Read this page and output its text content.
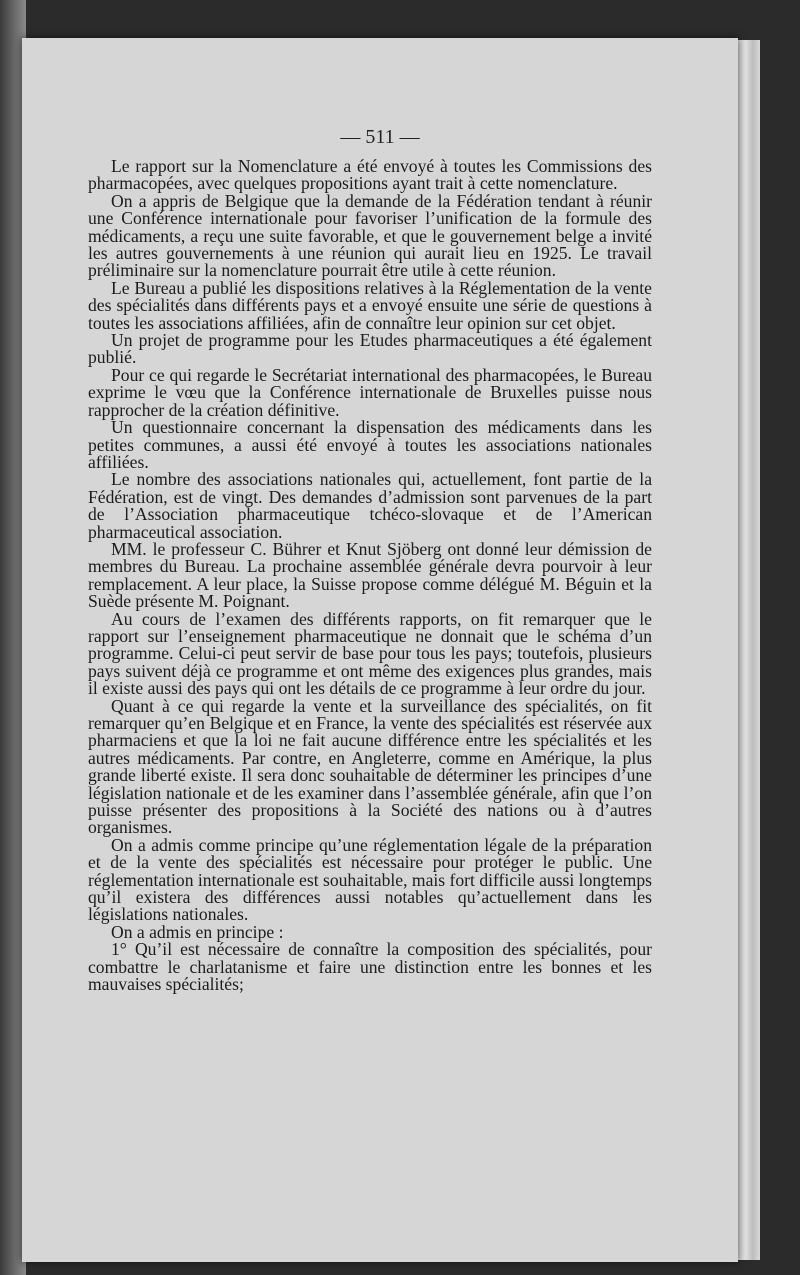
— 511 —

Le rapport sur la Nomenclature a été envoyé à toutes les Commissions des pharmacopées, avec quelques propositions ayant trait à cette nomenclature.

On a appris de Belgique que la demande de la Fédération tendant à réunir une Conférence internationale pour favoriser l’unification de la formule des médicaments, a reçu une suite favorable, et que le gouvernement belge a invité les autres gouvernements à une réunion qui aurait lieu en 1925. Le travail préliminaire sur la nomenclature pourrait être utile à cette réunion.

Le Bureau a publié les dispositions relatives à la Réglementation de la vente des spécialités dans différents pays et a envoyé ensuite une série de questions à toutes les associations affiliées, afin de connaître leur opinion sur cet objet.

Un projet de programme pour les Etudes pharmaceutiques a été également publié.

Pour ce qui regarde le Secrétariat international des pharmacopées, le Bureau exprime le vœu que la Conférence internationale de Bruxelles puisse nous rapprocher de la création définitive.

Un questionnaire concernant la dispensation des médicaments dans les petites communes, a aussi été envoyé à toutes les associations nationales affiliées.

Le nombre des associations nationales qui, actuellement, font partie de la Fédération, est de vingt. Des demandes d’admission sont parvenues de la part de l’Association pharmaceutique tchéco-slovaque et de l’American pharmaceutical association.

MM. le professeur C. Bührer et Knut Sjöberg ont donné leur démission de membres du Bureau. La prochaine assemblée générale devra pourvoir à leur remplacement. A leur place, la Suisse propose comme délégué M. Béguin et la Suède présente M. Poignant.

Au cours de l’examen des différents rapports, on fit remarquer que le rapport sur l’enseignement pharmaceutique ne donnait que le schéma d’un programme. Celui-ci peut servir de base pour tous les pays; toutefois, plusieurs pays suivent déjà ce programme et ont même des exigences plus grandes, mais il existe aussi des pays qui ont les détails de ce programme à leur ordre du jour.

Quant à ce qui regarde la vente et la surveillance des spécialités, on fit remarquer qu’en Belgique et en France, la vente des spécialités est réservée aux pharmaciens et que la loi ne fait aucune différence entre les spécialités et les autres médicaments. Par contre, en Angleterre, comme en Amérique, la plus grande liberté existe. Il sera donc souhaitable de déterminer les principes d’une législation nationale et de les examiner dans l’assemblée générale, afin que l’on puisse présenter des propositions à la Société des nations ou à d’autres organismes.

On a admis comme principe qu’une réglementation légale de la préparation et de la vente des spécialités est nécessaire pour protéger le public. Une réglementation internationale est souhaitable, mais fort difficile aussi longtemps qu’il existera des différences aussi notables qu’actuellement dans les législations nationales.

On a admis en principe :

1° Qu’il est nécessaire de connaître la composition des spécialités, pour combattre le charlatanisme et faire une distinction entre les bonnes et les mauvaises spécialités;
